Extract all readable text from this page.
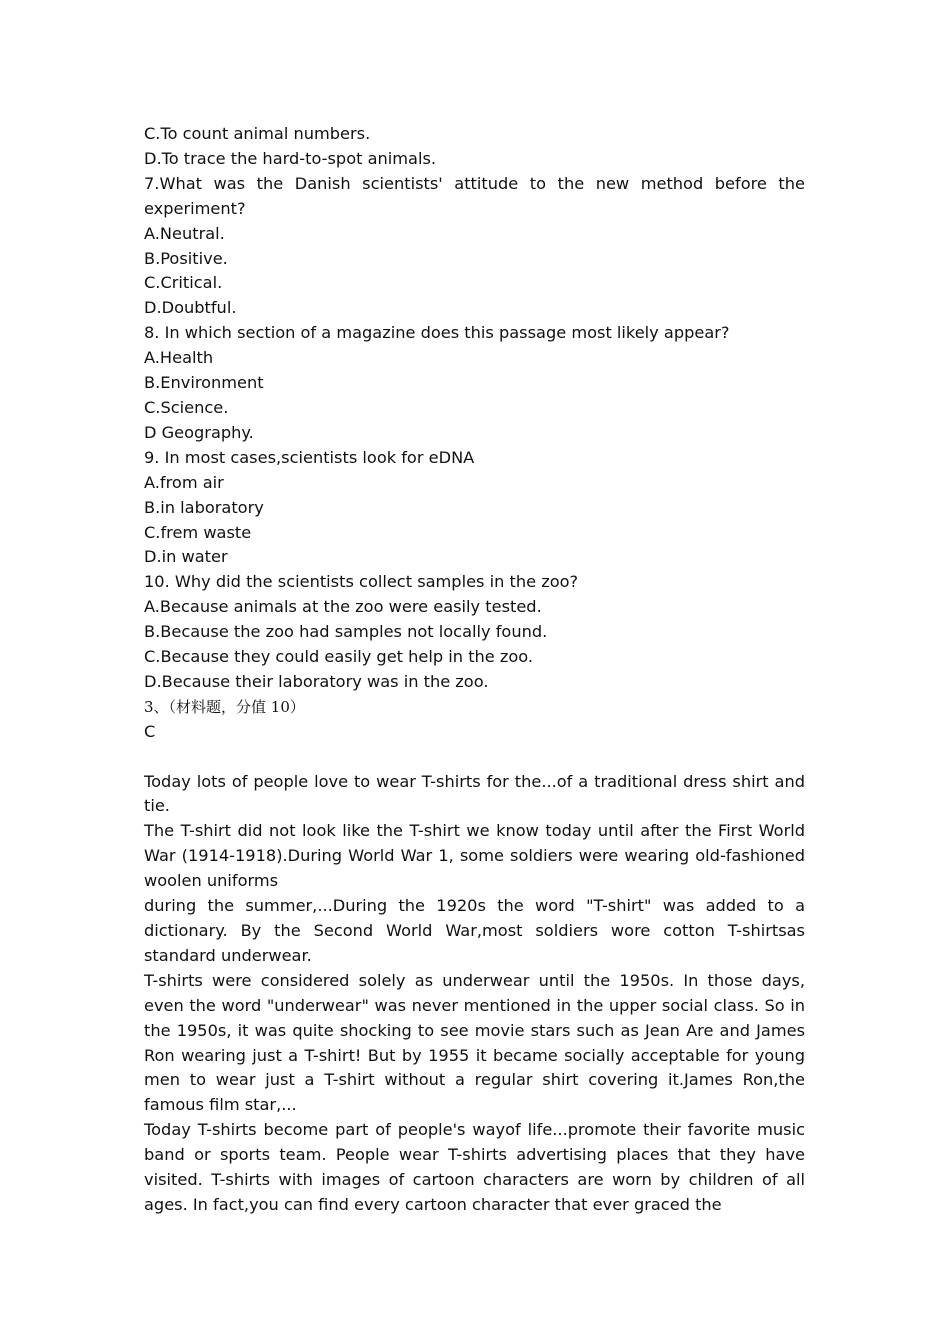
C.To count animal numbers.

D.To trace the hard-to-spot animals.

7.What was the Danish scientists' attitude to the new method before the experiment?

A.Neutral.

B.Positive.

C.Critical.

D.Doubtful.

8. In which section of a magazine does this passage most likely appear?

A.Health

B.Environment

C.Science.

D Geography.

9. In most cases,scientists look for eDNA

A.from air

B.in laboratory

C.frem waste

D.in water

10. Why did the scientists collect samples in the zoo?

A.Because animals at the zoo were easily tested.

B.Because the zoo had samples not locally found.

C.Because they could easily get help in the zoo.

D.Because their laboratory was in the zoo.

3、（材料题，分值 10）

C

Today lots of people love to wear T-shirts for the...of a traditional dress shirt and tie.

The T-shirt did not look like the T-shirt we know today until after the First World War (1914-1918).During World War 1, some soldiers were wearing old-fashioned woolen uniforms

during the summer,...During the 1920s the word "T-shirt" was added to a dictionary. By the Second World War,most soldiers wore cotton T-shirtsas standard underwear.

T-shirts were considered solely as underwear until the 1950s. In those days, even the word "underwear" was never mentioned in the upper social class. So in the 1950s, it was quite shocking to see movie stars such as Jean Are and James Ron wearing just a T-shirt! But by 1955 it became socially acceptable for young men to wear just a T-shirt without a regular shirt covering it.James Ron,the famous film star,...

Today T-shirts become part of people's wayof life...promote their favorite music band or sports team. People wear T-shirts advertising places that they have visited. T-shirts with images of cartoon characters are worn by children of all ages. In fact,you can find every cartoon character that ever graced the
